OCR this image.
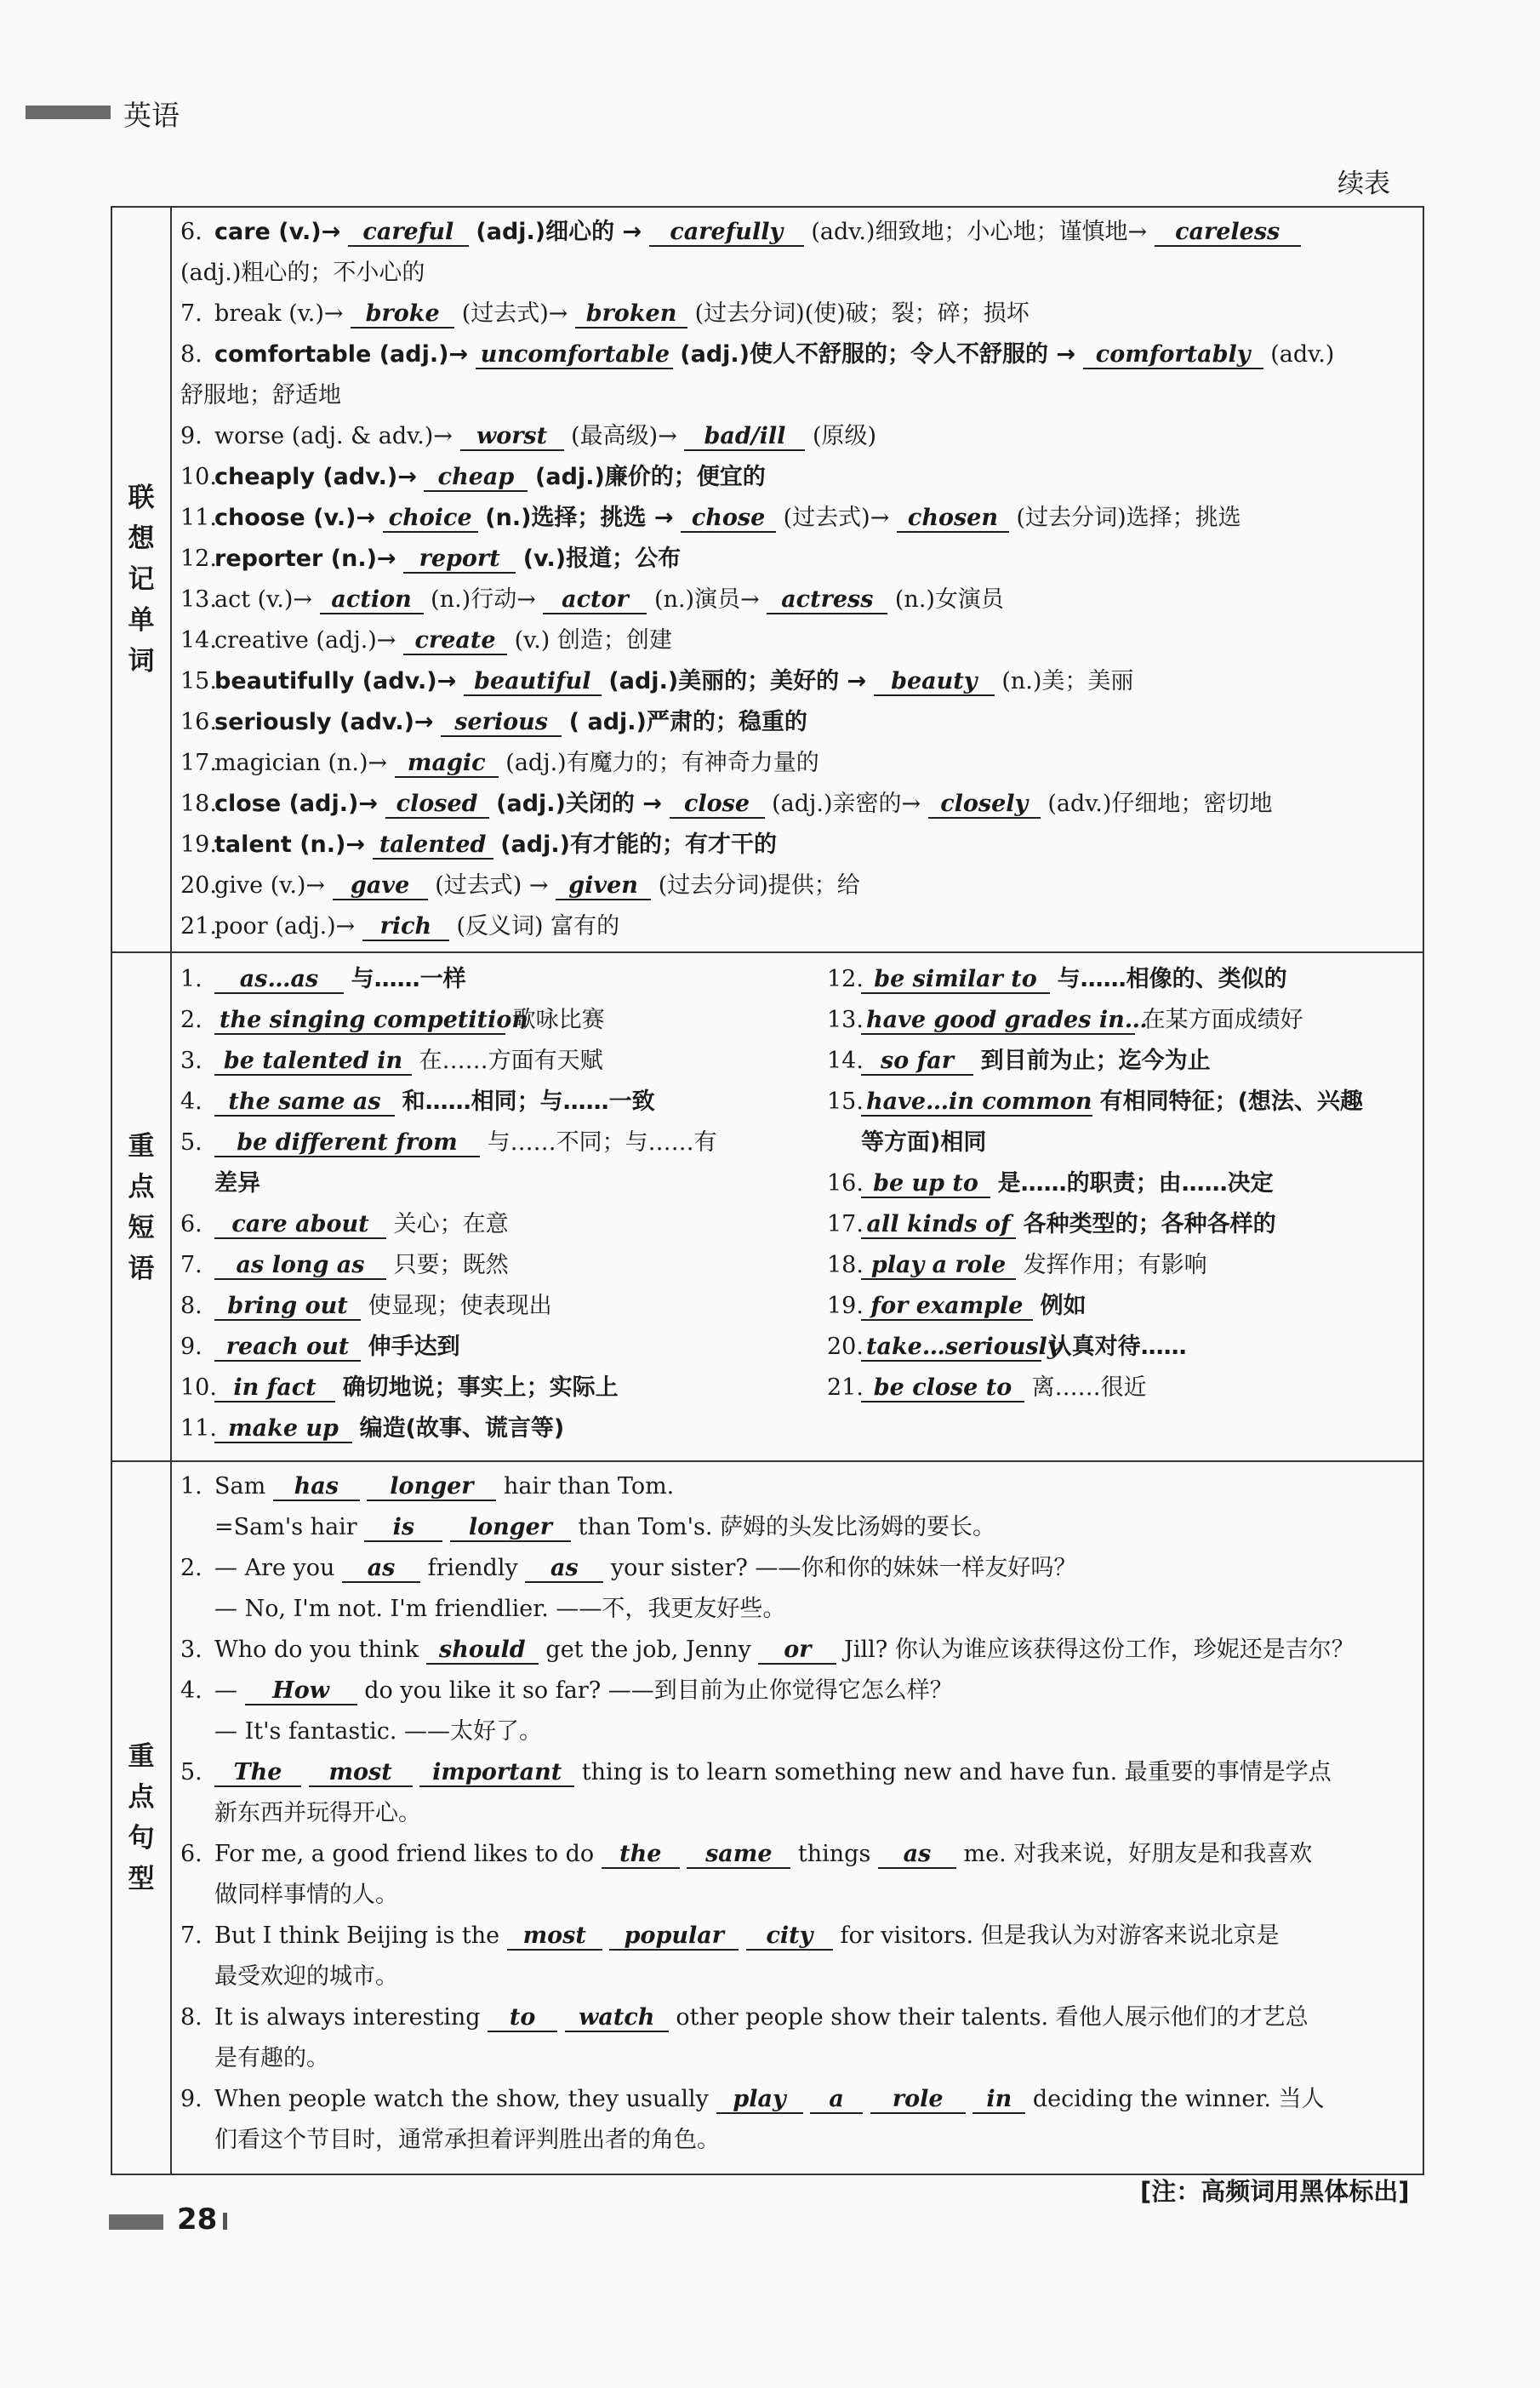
英语
续表
联
想
记
单
词
6. care (v.)→ careful (adj.)细心的 → carefully (adv.)细致地；小心地；谨慎地→ careless
(adj.)粗心的；不小心的
7. break (v.)→ broke (过去式)→ broken (过去分词)(使)破；裂；碎；损坏
8. comfortable (adj.)→ uncomfortable (adj.)使人不舒服的；令人不舒服的 → comfortably (adv.)
舒服地；舒适地
9. worse (adj. & adv.)→ worst (最高级)→ bad/ill (原级)
10.cheaply (adv.)→ cheap (adj.)廉价的；便宜的
11.choose (v.)→ choice (n.)选择；挑选 → chose (过去式)→ chosen (过去分词)选择；挑选
12.reporter (n.)→ report (v.)报道；公布
13.act (v.)→ action (n.)行动→ actor (n.)演员→ actress (n.)女演员
14.creative (adj.)→ create (v.) 创造；创建
15.beautifully (adv.)→ beautiful (adj.)美丽的；美好的 → beauty (n.)美；美丽
16.seriously (adv.)→ serious ( adj.)严肃的；稳重的
17.magician (n.)→ magic (adj.)有魔力的；有神奇力量的
18.close (adj.)→ closed (adj.)关闭的 → close (adj.)亲密的→ closely (adv.)仔细地；密切地
19.talent (n.)→ talented (adj.)有才能的；有才干的
20.give (v.)→ gave (过去式) → given (过去分词)提供；给
21.poor (adj.)→ rich (反义词) 富有的
重
点
短
语
1. as…as 与……一样
2. the singing competition 歌咏比赛
3. be talented in 在……方面有天赋
4. the same as 和……相同；与……一致
5. be different from 与……不同；与……有
差异
6. care about 关心；在意
7. as long as 只要；既然
8. bring out 使显现；使表现出
9. reach out 伸手达到
10. in fact 确切地说；事实上；实际上
11. make up 编造(故事、谎言等)
12. be similar to 与……相像的、类似的
13. have good grades in… 在某方面成绩好
14. so far 到目前为止；迄今为止
15. have…in common 有相同特征；(想法、兴趣
等方面)相同
16. be up to 是……的职责；由……决定
17. all kinds of 各种类型的；各种各样的
18. play a role 发挥作用；有影响
19. for example 例如
20. take…seriously 认真对待……
21. be close to 离……很近
重
点
句
型
1. Sam has longer hair than Tom.
=Sam's hair is longer than Tom's. 萨姆的头发比汤姆的要长。
2. — Are you as friendly as your sister? ——你和你的妹妹一样友好吗？
— No, I'm not. I'm friendlier. ——不，我更友好些。
3. Who do you think should get the job, Jenny or Jill? 你认为谁应该获得这份工作，珍妮还是吉尔？
4. — How do you like it so far? ——到目前为止你觉得它怎么样？
— It's fantastic. ——太好了。
5. The most important thing is to learn something new and have fun. 最重要的事情是学点
新东西并玩得开心。
6. For me, a good friend likes to do the same things as me. 对我来说，好朋友是和我喜欢
做同样事情的人。
7. But I think Beijing is the most popular city for visitors. 但是我认为对游客来说北京是
最受欢迎的城市。
8. It is always interesting to watch other people show their talents. 看他人展示他们的才艺总
是有趣的。
9. When people watch the show, they usually play a role in deciding the winner. 当人
们看这个节目时，通常承担着评判胜出者的角色。
[注：高频词用黑体标出]
28
